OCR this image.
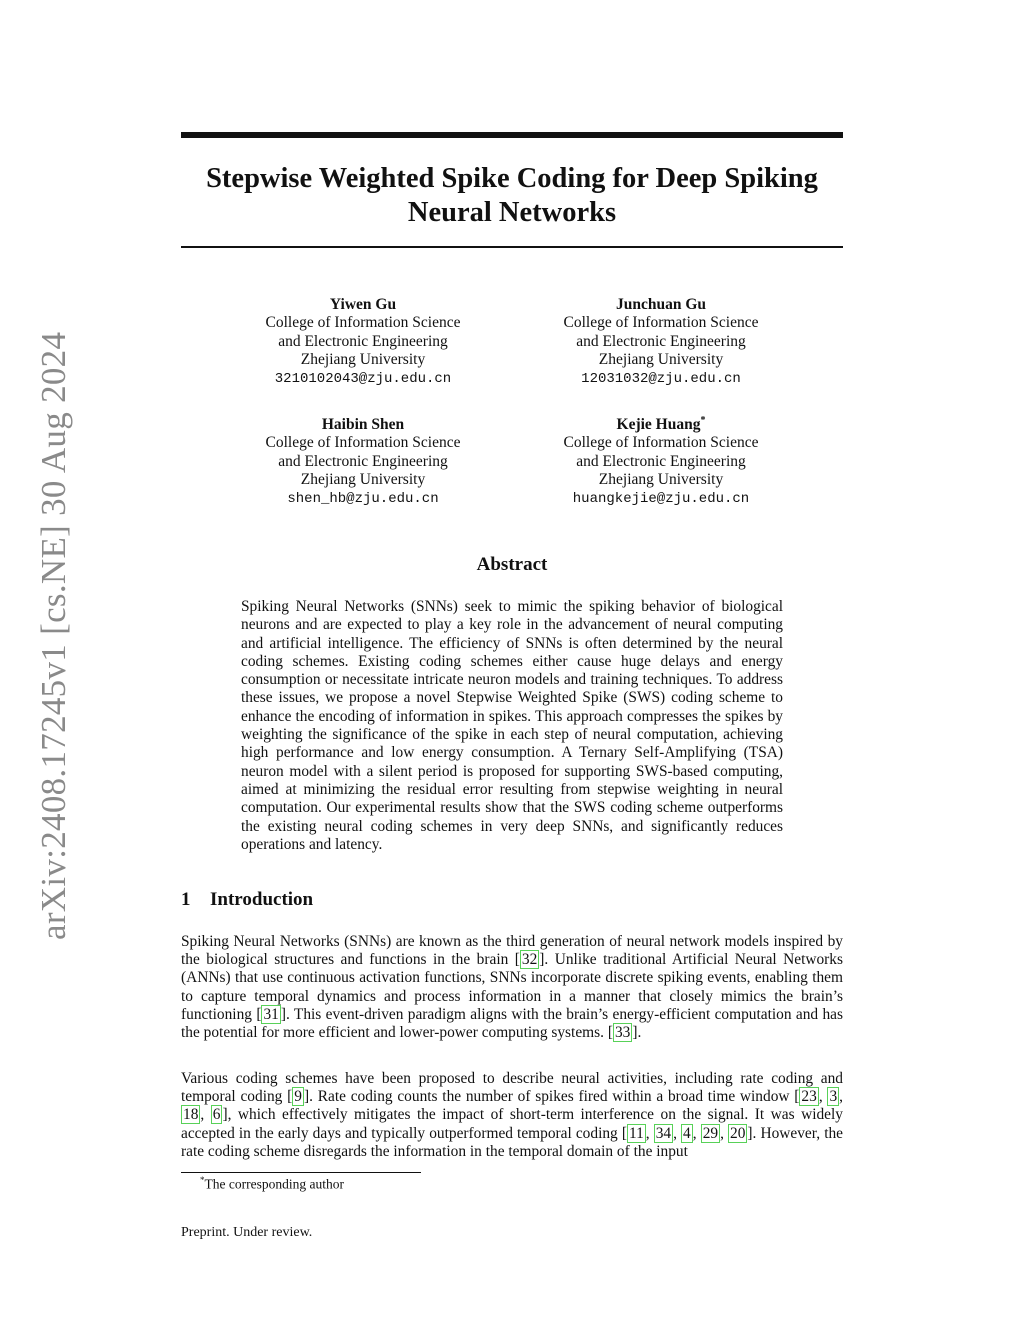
arXiv:2408.17245v1 [cs.NE] 30 Aug 2024
Stepwise Weighted Spike Coding for Deep Spiking Neural Networks
Yiwen Gu
College of Information Science
and Electronic Engineering
Zhejiang University
3210102043@zju.edu.cn
Junchuan Gu
College of Information Science
and Electronic Engineering
Zhejiang University
12031032@zju.edu.cn
Haibin Shen
College of Information Science
and Electronic Engineering
Zhejiang University
shen_hb@zju.edu.cn
Kejie Huang*
College of Information Science
and Electronic Engineering
Zhejiang University
huangkejie@zju.edu.cn
Abstract
Spiking Neural Networks (SNNs) seek to mimic the spiking behavior of biological neurons and are expected to play a key role in the advancement of neural computing and artificial intelligence. The efficiency of SNNs is often determined by the neural coding schemes. Existing coding schemes either cause huge delays and energy consumption or necessitate intricate neuron models and training techniques. To address these issues, we propose a novel Stepwise Weighted Spike (SWS) coding scheme to enhance the encoding of information in spikes. This approach compresses the spikes by weighting the significance of the spike in each step of neural computation, achieving high performance and low energy consumption. A Ternary Self-Amplifying (TSA) neuron model with a silent period is proposed for supporting SWS-based computing, aimed at minimizing the residual error resulting from stepwise weighting in neural computation. Our experimental results show that the SWS coding scheme outperforms the existing neural coding schemes in very deep SNNs, and significantly reduces operations and latency.
1 Introduction
Spiking Neural Networks (SNNs) are known as the third generation of neural network models inspired by the biological structures and functions in the brain [ 32 ]. Unlike traditional Artificial Neural Networks (ANNs) that use continuous activation functions, SNNs incorporate discrete spiking events, enabling them to capture temporal dynamics and process information in a manner that closely mimics the brain’s functioning [ 31 ]. This event-driven paradigm aligns with the brain’s energy-efficient computation and has the potential for more efficient and lower-power computing systems. [ 33 ].
Various coding schemes have been proposed to describe neural activities, including rate coding and temporal coding [ 9 ]. Rate coding counts the number of spikes fired within a broad time window [ 23 , 3 , 18 , 6 ], which effectively mitigates the impact of short-term interference on the signal. It was widely accepted in the early days and typically outperformed temporal coding [ 11 , 34 , 4 , 29 , 20 ]. However, the rate coding scheme disregards the information in the temporal domain of the input
*The corresponding author
Preprint. Under review.
